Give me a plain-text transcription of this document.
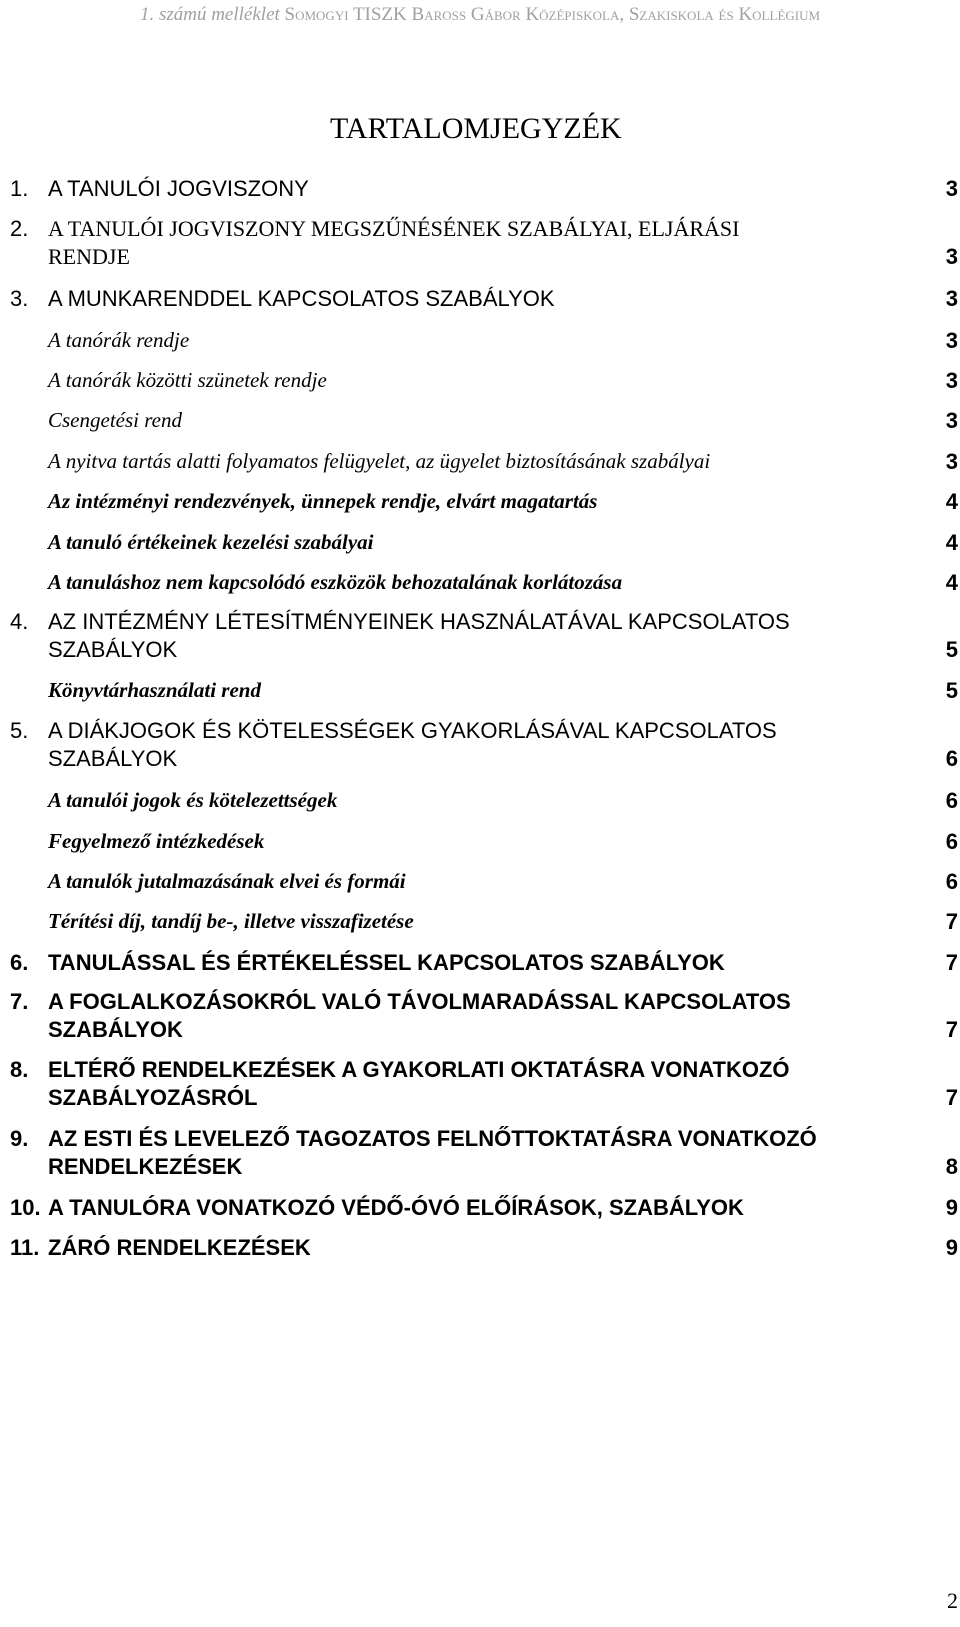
1. számú melléklet Somogyi TISZK Baross Gábor Középiskola, Szakiskola és Kollégium
TARTALOMJEGYZÉK
1. A TANULÓI JOGVISZONY	3
2. A TANULÓI JOGVISZONY MEGSZŰNÉSÉNEK SZABÁLYAI, ELJÁRÁSI
RENDJE	3
3. A MUNKARENDDEL KAPCSOLATOS SZABÁLYOK	3
A tanórák rendje	3
A tanórák közötti szünetek rendje	3
Csengetési rend	3
A nyitva tartás alatti folyamatos felügyelet, az ügyelet biztosításának szabályai	3
Az intézményi rendezvények, ünnepek rendje, elvárt magatartás	4
A tanuló értékeinek kezelési szabályai	4
A tanuláshoz nem kapcsolódó eszközök behozatalának korlátozása	4
4. AZ INTÉZMÉNY LÉTESÍTMÉNYEINEK HASZNÁLATÁVAL KAPCSOLATOS
SZABÁLYOK	5
Könyvtárhasználati rend	5
5. A DIÁKJOGOK ÉS KÖTELESSÉGEK GYAKORLÁSÁVAL KAPCSOLATOS
SZABÁLYOK	6
A tanulói jogok és kötelezettségek	6
Fegyelmező intézkedések	6
A tanulók jutalmazásának elvei és formái	6
Térítési díj, tandíj be-, illetve visszafizetése	7
6. TANULÁSSAL ÉS ÉRTÉKELÉSSEL KAPCSOLATOS SZABÁLYOK	7
7. A FOGLALKOZÁSOKRÓL VALÓ TÁVOLMARADÁSSAL KAPCSOLATOS
SZABÁLYOK	7
8. ELTÉRŐ RENDELKEZÉSEK A GYAKORLATI OKTATÁSRA VONATKOZÓ
SZABÁLYOZÁSRÓL	7
9. AZ ESTI ÉS LEVELEZŐ TAGOZATOS FELNŐTTOKTATÁSRA VONATKOZÓ
RENDELKEZÉSEK	8
10. A TANULÓRA VONATKOZÓ VÉDŐ-ÓVÓ ELŐÍRÁSOK, SZABÁLYOK	9
11. ZÁRÓ RENDELKEZÉSEK	9
2
